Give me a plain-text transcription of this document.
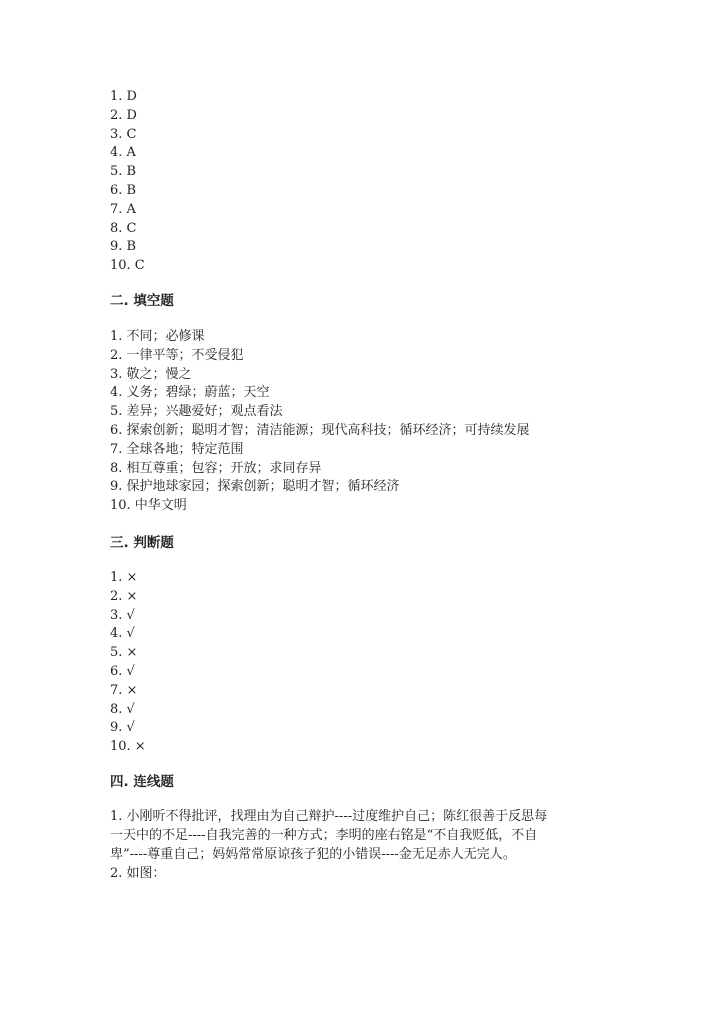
1. D
2. D
3. C
4. A
5. B
6. B
7. A
8. C
9. B
10. C
二. 填空题
1. 不同；必修课
2. 一律平等；不受侵犯
3. 敬之；慢之
4. 义务；碧绿；蔚蓝；天空
5. 差异；兴趣爱好；观点看法
6. 探索创新；聪明才智；清洁能源；现代高科技；循环经济；可持续发展
7. 全球各地；特定范围
8. 相互尊重；包容；开放；求同存异
9. 保护地球家园；探索创新；聪明才智；循环经济
10. 中华文明
三. 判断题
1. ×
2. ×
3. √
4. √
5. ×
6. √
7. ×
8. √
9. √
10. ×
四. 连线题
1. 小刚听不得批评，找理由为自己辩护----过度维护自己；陈红很善于反思每
一天中的不足----自我完善的一种方式；李明的座右铭是“不自我贬低，不自
卑”----尊重自己；妈妈常常原谅孩子犯的小错误----金无足赤人无完人。
2. 如图：
